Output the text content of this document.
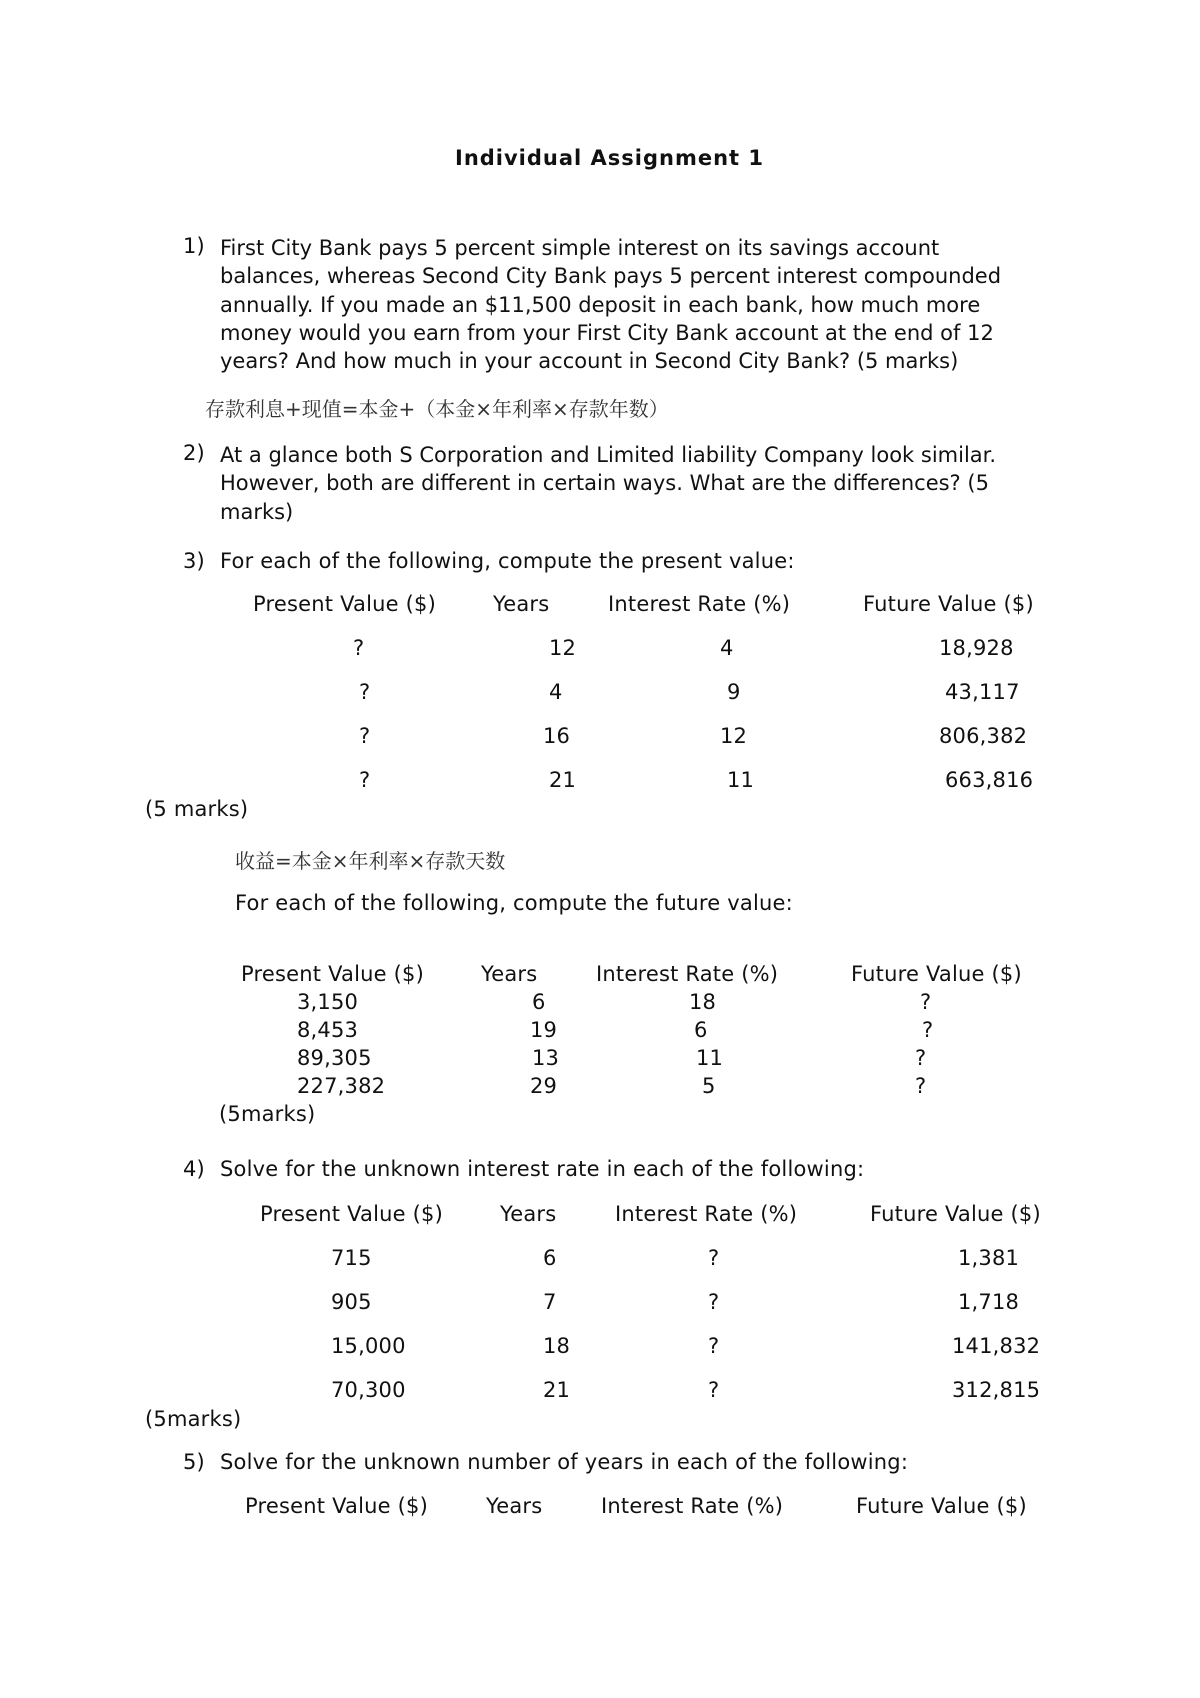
Individual Assignment 1
1) First City Bank pays 5 percent simple interest on its savings account
balances, whereas Second City Bank pays 5 percent interest compounded
annually. If you made an $11,500 deposit in each bank, how much more
money would you earn from your First City Bank account at the end of 12
years? And how much in your account in Second City Bank? (5 marks)
存款利息+现值=本金+（本金×年利率×存款年数）
2) At a glance both S Corporation and Limited liability Company look similar.
However, both are different in certain ways. What are the differences? (5
marks)
3) For each of the following, compute the present value:
Present Value ($)	Years	Interest Rate (%)	Future Value ($)
?	12	4	18,928
?	4	9	43,117
?	16	12	806,382
?	21	11	663,816
(5 marks)
收益=本金×年利率×存款天数
For each of the following, compute the future value:
Present Value ($)	Years	Interest Rate (%)	Future Value ($)
3,150	6	18	?
8,453	19	6	?
89,305	13	11	?
227,382	29	5	?
(5marks)
4) Solve for the unknown interest rate in each of the following:
Present Value ($)	Years	Interest Rate (%)	Future Value ($)
715	6	?	1,381
905	7	?	1,718
15,000	18	?	141,832
70,300	21	?	312,815
(5marks)
5) Solve for the unknown number of years in each of the following:
Present Value ($)	Years	Interest Rate (%)	Future Value ($)
